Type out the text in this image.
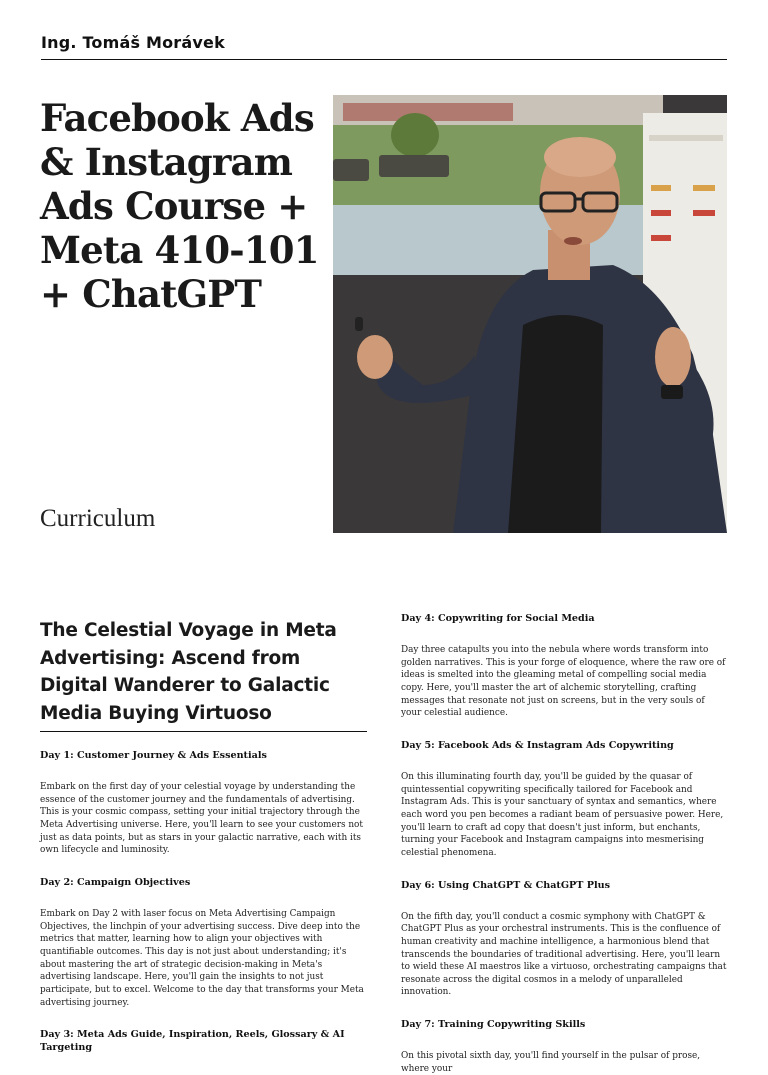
Ing. Tomáš Morávek
Facebook Ads & Instagram Ads Course + Meta 410-101 + ChatGPT
Curriculum
The Celestial Voyage in Meta Advertising: Ascend from Digital Wanderer to Galactic Media Buying Virtuoso

Day 1: Customer Journey & Ads Essentials

Embark on the first day of your celestial voyage by understanding the essence of the customer journey and the fundamentals of advertising. This is your cosmic compass, setting your initial trajectory through the Meta Advertising universe. Here, you'll learn to see your customers not just as data points, but as stars in your galactic narrative, each with its own lifecycle and luminosity.

Day 2: Campaign Objectives

Embark on Day 2 with laser focus on Meta Advertising Campaign Objectives, the linchpin of your advertising success. Dive deep into the metrics that matter, learning how to align your objectives with quantifiable outcomes. This day is not just about understanding; it's about mastering the art of strategic decision-making in Meta's advertising landscape. Here, you'll gain the insights to not just participate, but to excel. Welcome to the day that transforms your Meta advertising journey.

Day 3: Meta Ads Guide, Inspiration, Reels, Glossary & AI Targeting

Day 4: Copywriting for Social Media

Day three catapults you into the nebula where words transform into golden narratives. This is your forge of eloquence, where the raw ore of ideas is smelted into the gleaming metal of compelling social media copy. Here, you'll master the art of alchemic storytelling, crafting messages that resonate not just on screens, but in the very souls of your celestial audience.

Day 5: Facebook Ads & Instagram Ads Copywriting

On this illuminating fourth day, you'll be guided by the quasar of quintessential copywriting specifically tailored for Facebook and Instagram Ads. This is your sanctuary of syntax and semantics, where each word you pen becomes a radiant beam of persuasive power. Here, you'll learn to craft ad copy that doesn't just inform, but enchants, turning your Facebook and Instagram campaigns into mesmerising celestial phenomena.

Day 6: Using ChatGPT & ChatGPT Plus

On the fifth day, you'll conduct a cosmic symphony with ChatGPT & ChatGPT Plus as your orchestral instruments. This is the confluence of human creativity and machine intelligence, a harmonious blend that transcends the boundaries of traditional advertising. Here, you'll learn to wield these AI maestros like a virtuoso, orchestrating campaigns that resonate across the digital cosmos in a melody of unparalleled innovation.

Day 7: Training Copywriting Skills

On this pivotal sixth day, you'll find yourself in the pulsar of prose, where your
